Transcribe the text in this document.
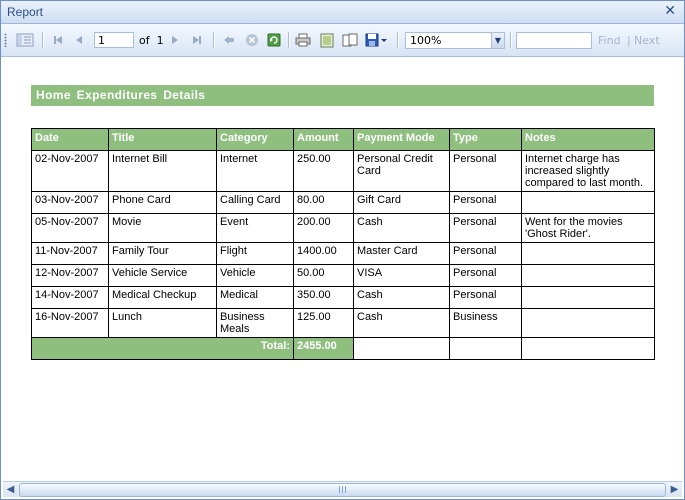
Report	✕
1
of 1	100%	▼	Find | Next
Home Expenditures Details
Date	Title	Category	Amount	Payment Mode	Type	Notes
02-Nov-2007	Internet Bill	Internet	250.00	Personal Credit Card	Personal	Internet charge has increased slightly compared to last month.
03-Nov-2007	Phone Card	Calling Card	80.00	Gift Card	Personal	
05-Nov-2007	Movie	Event	200.00	Cash	Personal	Went for the movies 'Ghost Rider'.
11-Nov-2007	Family Tour	Flight	1400.00	Master Card	Personal	
12-Nov-2007	Vehicle Service	Vehicle	50.00	VISA	Personal	
14-Nov-2007	Medical Checkup	Medical	350.00	Cash	Personal	
16-Nov-2007	Lunch	Business Meals	125.00	Cash	Business	
Total:			2455.00			
◀	▶
